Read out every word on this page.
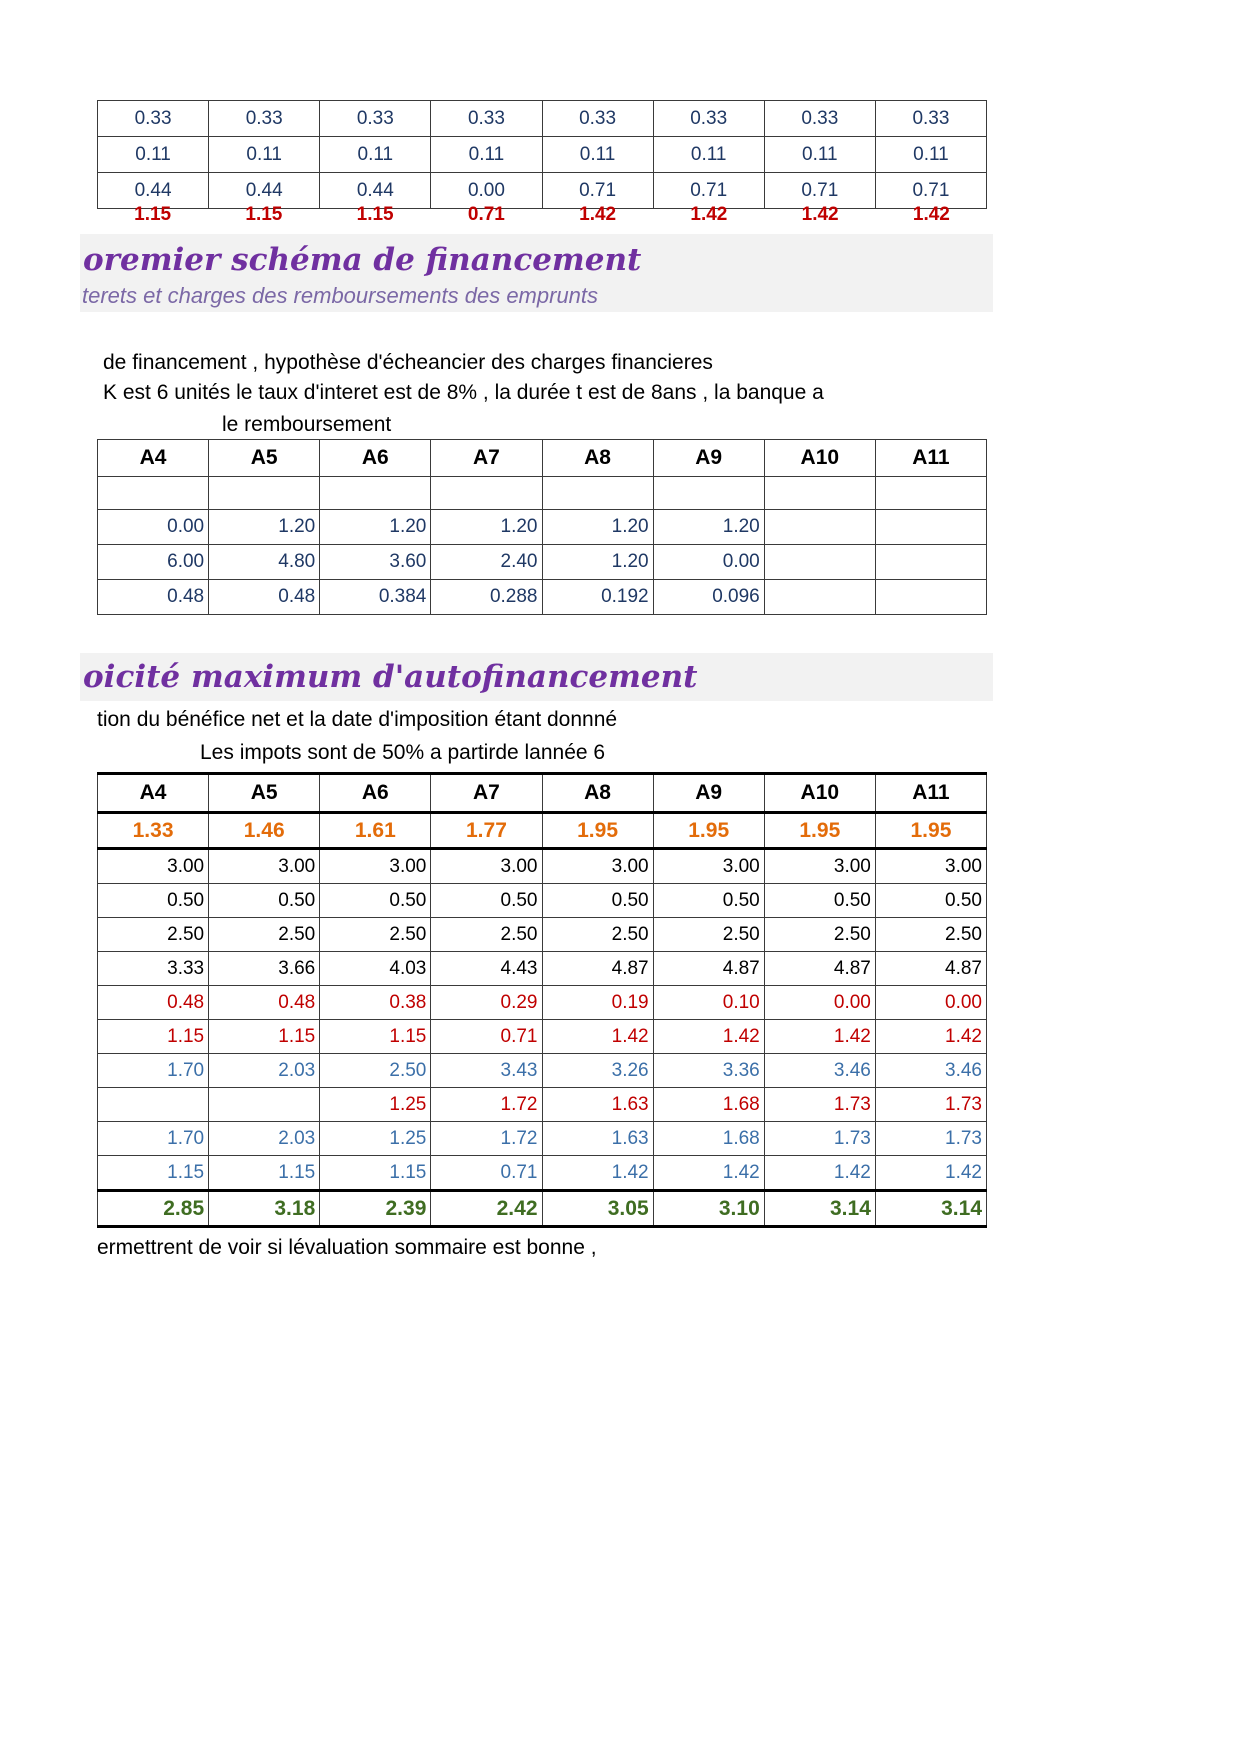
0.33	0.33	0.33	0.33	0.33	0.33	0.33	0.33
0.11	0.11	0.11	0.11	0.11	0.11	0.11	0.11
0.44	0.44	0.44	0.00	0.71	0.71	0.71	0.71
1.15	1.15	1.15	0.71	1.42	1.42	1.42	1.42
oremier schéma de financement
terets et charges des remboursements des emprunts
de financement , hypothèse d'écheancier des charges financieres
K est 6 unités le taux d'interet est de 8% , la durée t est de 8ans , la banque a
le remboursement
A4	A5	A6	A7	A8	A9	A10	A11

0.00	1.20	1.20	1.20	1.20	1.20		
6.00	4.80	3.60	2.40	1.20	0.00		
0.48	0.48	0.384	0.288	0.192	0.096		
oicité maximum d'autofinancement
tion du bénéfice net et la date d'imposition étant donnné
Les impots sont de 50% a partirde lannée 6
A4	A5	A6	A7	A8	A9	A10	A11
1.33	1.46	1.61	1.77	1.95	1.95	1.95	1.95
3.00	3.00	3.00	3.00	3.00	3.00	3.00	3.00
0.50	0.50	0.50	0.50	0.50	0.50	0.50	0.50
2.50	2.50	2.50	2.50	2.50	2.50	2.50	2.50
3.33	3.66	4.03	4.43	4.87	4.87	4.87	4.87
0.48	0.48	0.38	0.29	0.19	0.10	0.00	0.00
1.15	1.15	1.15	0.71	1.42	1.42	1.42	1.42
1.70	2.03	2.50	3.43	3.26	3.36	3.46	3.46
		1.25	1.72	1.63	1.68	1.73	1.73
1.70	2.03	1.25	1.72	1.63	1.68	1.73	1.73
1.15	1.15	1.15	0.71	1.42	1.42	1.42	1.42
2.85	3.18	2.39	2.42	3.05	3.10	3.14	3.14
ermettrent de voir si lévaluation sommaire est bonne ,
